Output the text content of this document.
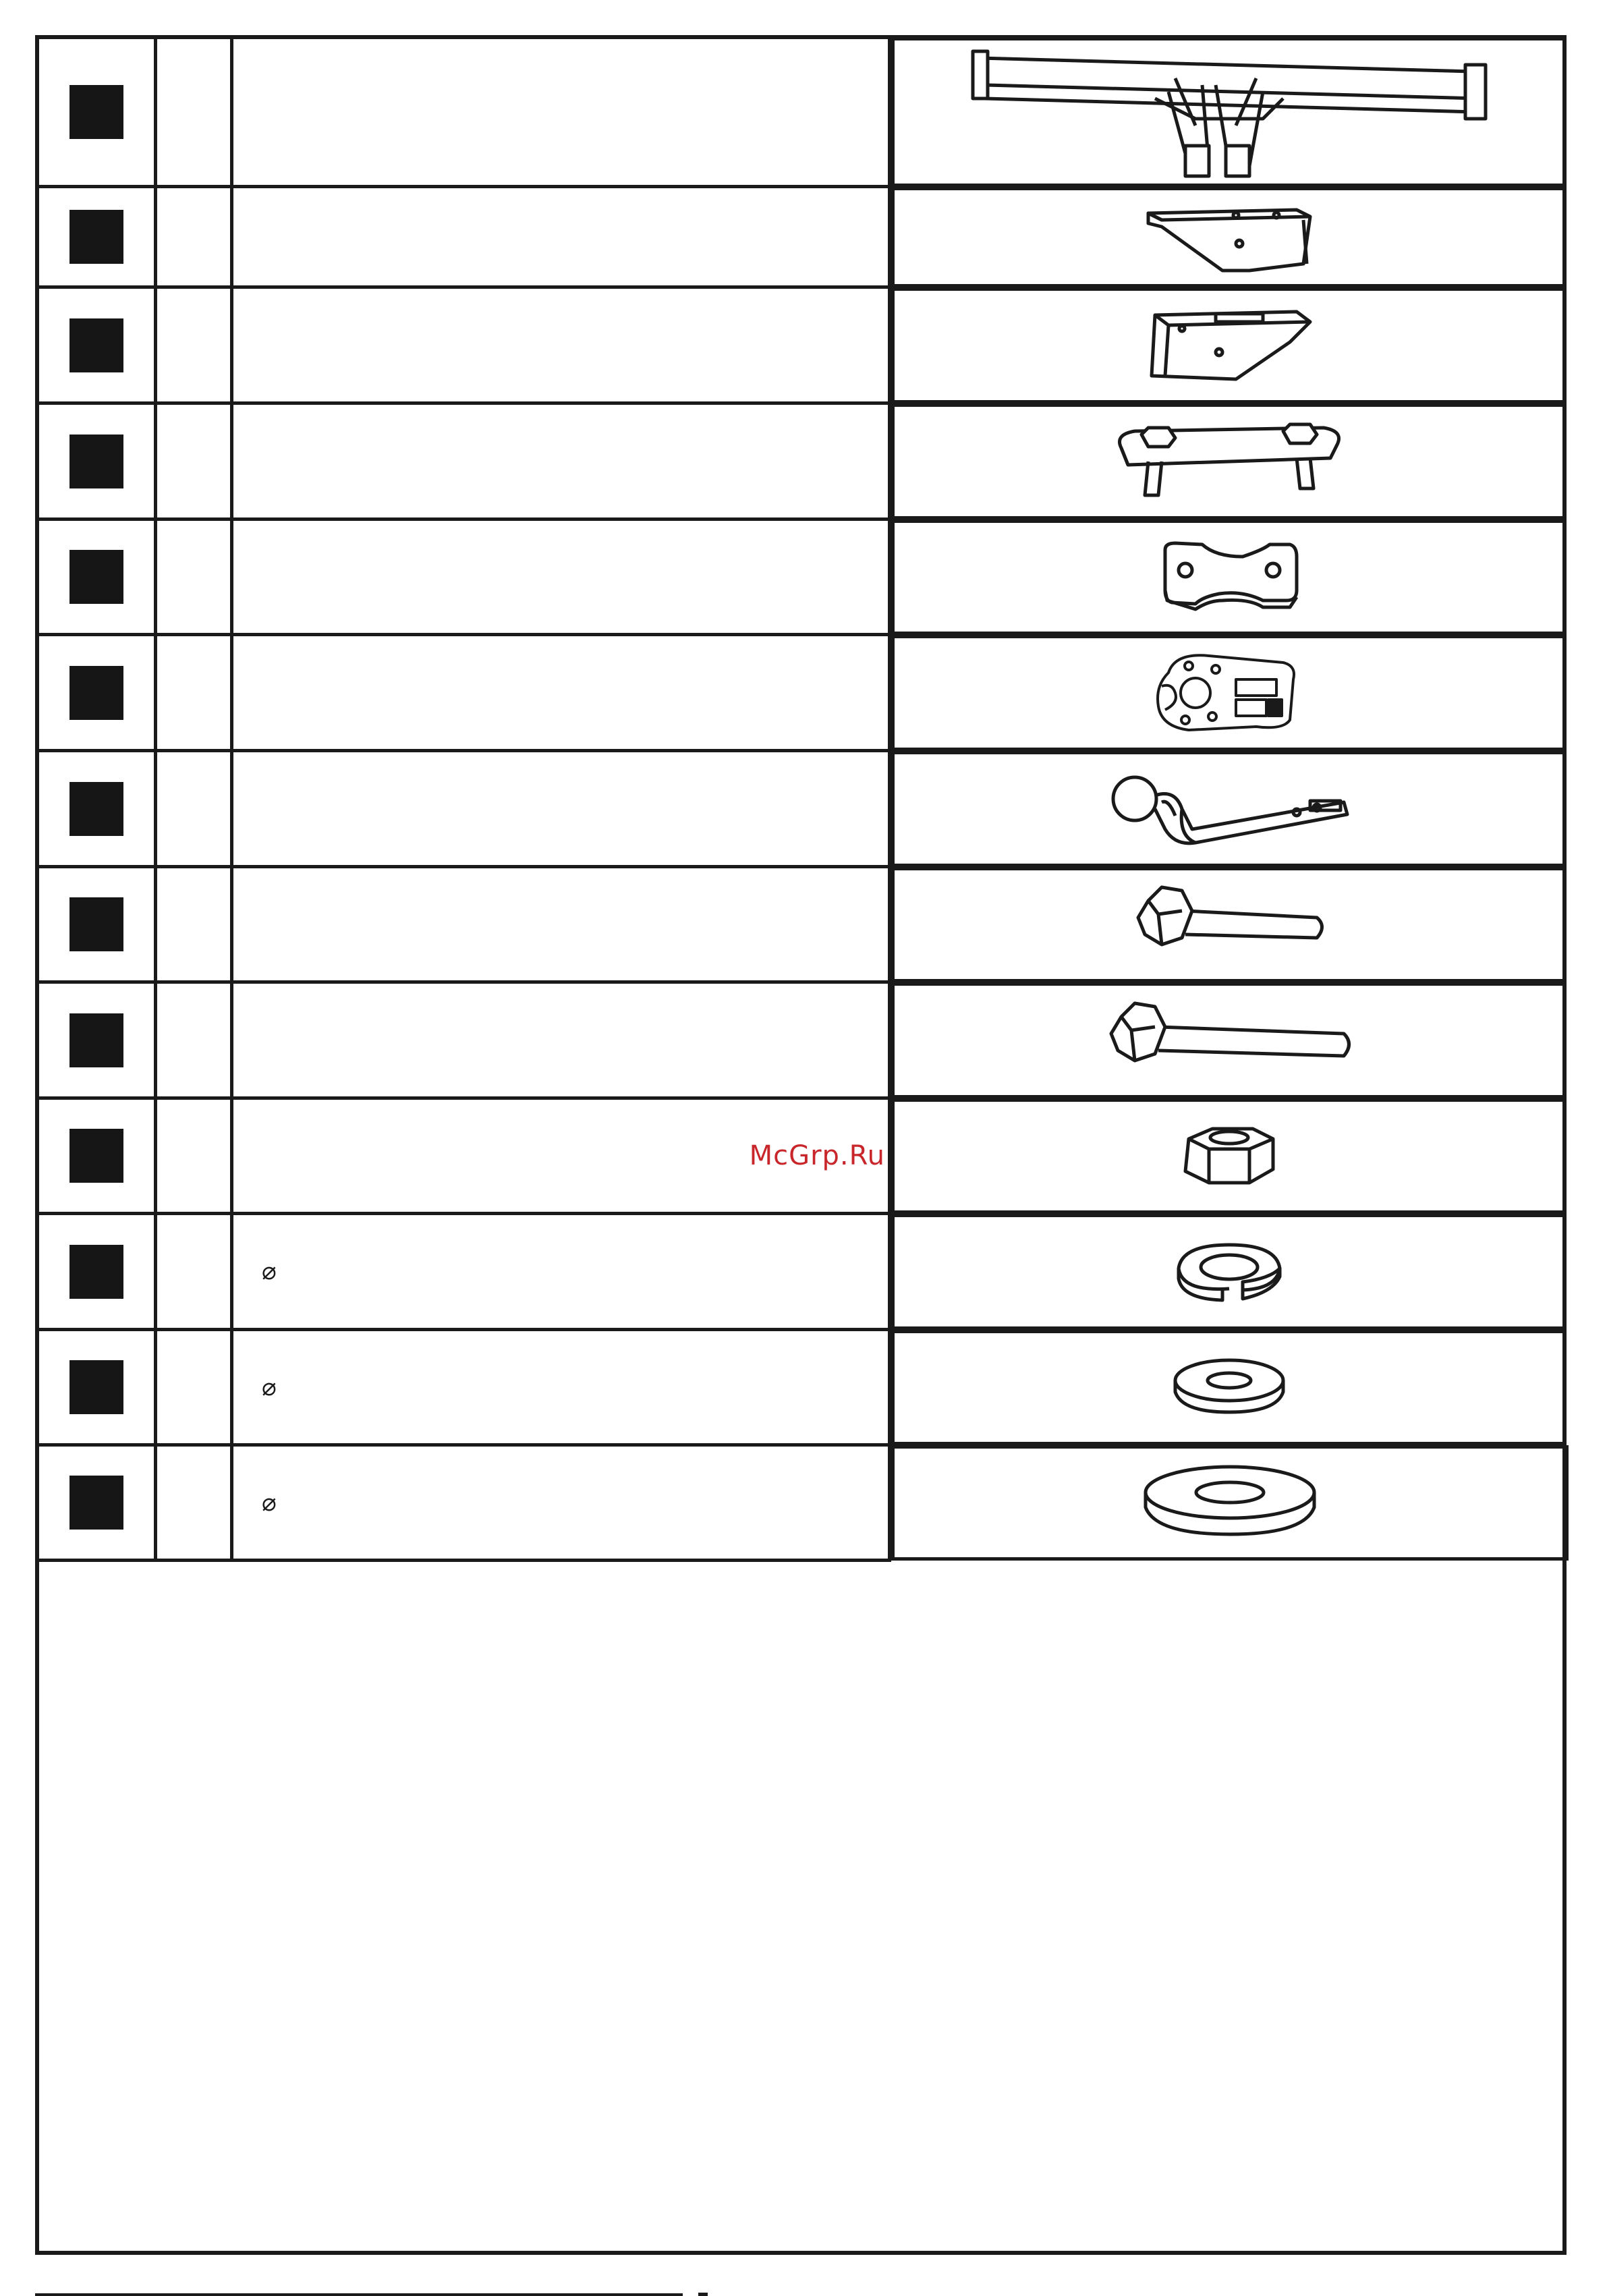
		McGrp.Ru

		⌀	

		⌀	

		⌀	
